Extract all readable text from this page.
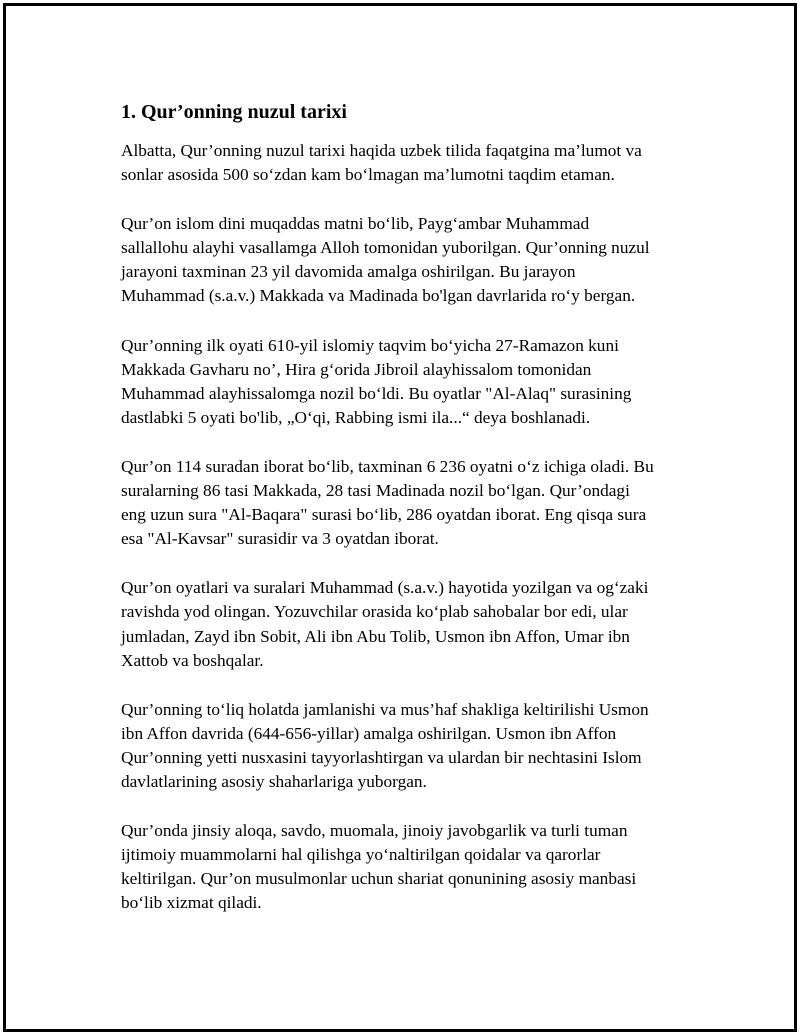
1. Qur’onning nuzul tarixi

Albatta, Qur’onning nuzul tarixi haqida uzbek tilida faqatgina ma’lumot va
sonlar asosida 500 so‘zdan kam bo‘lmagan ma’lumotni taqdim etaman.

Qur’on islom dini muqaddas matni bo‘lib, Payg‘ambar Muhammad
sallallohu alayhi vasallamga Alloh tomonidan yuborilgan. Qur’onning nuzul
jarayoni taxminan 23 yil davomida amalga oshirilgan. Bu jarayon
Muhammad (s.a.v.) Makkada va Madinada bo'lgan davrlarida ro‘y bergan.

Qur’onning ilk oyati 610-yil islomiy taqvim bo‘yicha 27-Ramazon kuni
Makkada Gavharu no’, Hira g‘orida Jibroil alayhissalom tomonidan
Muhammad alayhissalomga nozil bo‘ldi. Bu oyatlar "Al-Alaq" surasining
dastlabki 5 oyati bo'lib, „O‘qi, Rabbing ismi ila...“ deya boshlanadi.

Qur’on 114 suradan iborat bo‘lib, taxminan 6 236 oyatni o‘z ichiga oladi. Bu
suralarning 86 tasi Makkada, 28 tasi Madinada nozil bo‘lgan. Qur’ondagi
eng uzun sura "Al-Baqara" surasi bo‘lib, 286 oyatdan iborat. Eng qisqa sura
esa "Al-Kavsar" surasidir va 3 oyatdan iborat.

Qur’on oyatlari va suralari Muhammad (s.a.v.) hayotida yozilgan va og‘zaki
ravishda yod olingan. Yozuvchilar orasida ko‘plab sahobalar bor edi, ular
jumladan, Zayd ibn Sobit, Ali ibn Abu Tolib, Usmon ibn Affon, Umar ibn
Xattob va boshqalar.

Qur’onning to‘liq holatda jamlanishi va mus’haf shakliga keltirilishi Usmon
ibn Affon davrida (644-656-yillar) amalga oshirilgan. Usmon ibn Affon
Qur’onning yetti nusxasini tayyorlashtirgan va ulardan bir nechtasini Islom
davlatlarining asosiy shaharlariga yuborgan.

Qur’onda jinsiy aloqa, savdo, muomala, jinoiy javobgarlik va turli tuman
ijtimoiy muammolarni hal qilishga yo‘naltirilgan qoidalar va qarorlar
keltirilgan. Qur’on musulmonlar uchun shariat qonunining asosiy manbasi
bo‘lib xizmat qiladi.
